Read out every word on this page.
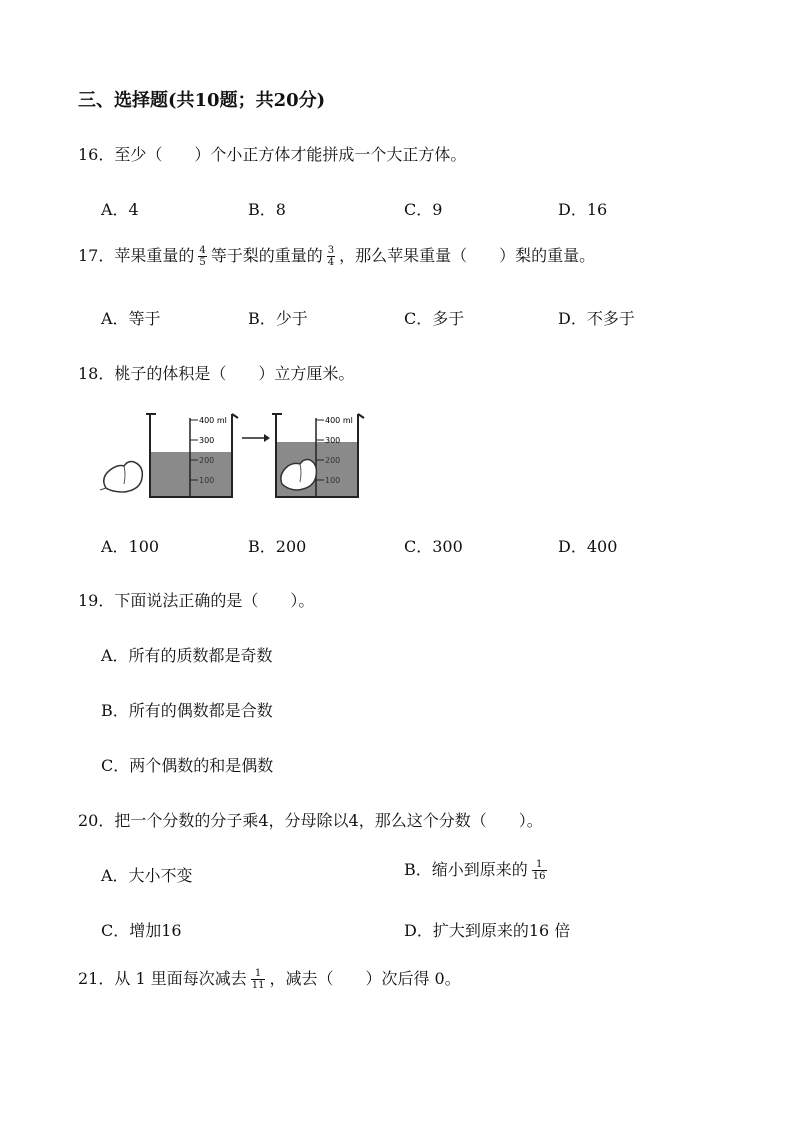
三、选择题(共10题；共20分)
16．至少（　　）个小正方体才能拼成一个大正方体。
A．4	B．8	C．9	D．16
17．苹果重量的 $\frac{4}{5}$ 等于梨的重量的 $\frac{3}{4}$ ，那么苹果重量（　　）梨的重量。
A．等于	B．少于	C．多于	D．不多于
18．桃子的体积是（　　）立方厘米。
400 ml
300
200
100
400 ml
300
200
100
A．100	B．200	C．300	D．400
19．下面说法正确的是（　　）。
A．所有的质数都是奇数
B．所有的偶数都是合数
C．两个偶数的和是偶数
20．把一个分数的分子乘4，分母除以4，那么这个分数（　　）。
A．大小不变	B．缩小到原来的 $\frac{1}{16}$
C．增加16	D．扩大到原来的16 倍
21．从 1 里面每次减去 $\frac{1}{11}$ ，减去（　　）次后得 0。
